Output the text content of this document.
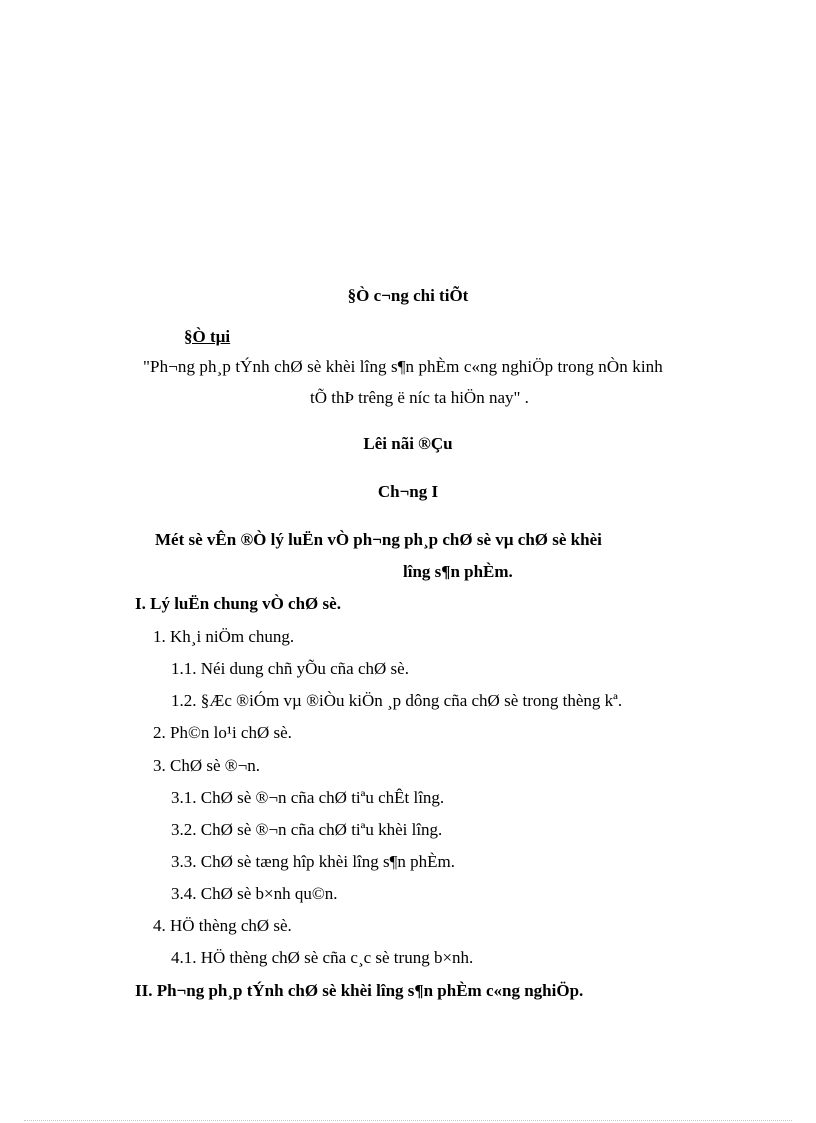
§Ò c¬ng chi tiÕt
§Ò tµi
"Ph¬ng ph¸p tÝnh chØ sè khèi lîng s¶n phÈm c«ng nghiÖp trong nÒn kinh
tÕ thÞ trêng ë níc ta hiÖn nay" .
Lêi nãi ®Çu
Ch¬ng I
Mét sè vÊn ®Ò lý luËn vÒ ph¬ng ph¸p chØ sè vµ chØ sè khèi
lîng s¶n phÈm.
I. Lý luËn chung vÒ chØ sè.
1. Kh¸i niÖm chung.
1.1. Néi dung chñ yÕu cña chØ sè.
1.2. §Æc ®iÓm vµ ®iÒu kiÖn ¸p dông cña chØ sè trong thèng kª.
2. Ph©n lo¹i chØ sè.
3. ChØ sè ®¬n.
3.1. ChØ sè ®¬n cña chØ tiªu chÊt lîng.
3.2. ChØ sè ®¬n cña chØ tiªu khèi lîng.
3.3. ChØ sè tæng hîp khèi lîng s¶n phÈm.
3.4. ChØ sè b×nh qu©n.
4. HÖ thèng chØ sè.
4.1. HÖ thèng chØ sè cña c¸c sè trung b×nh.
II. Ph¬ng ph¸p tÝnh chØ sè khèi lîng s¶n phÈm c«ng nghiÖp.
